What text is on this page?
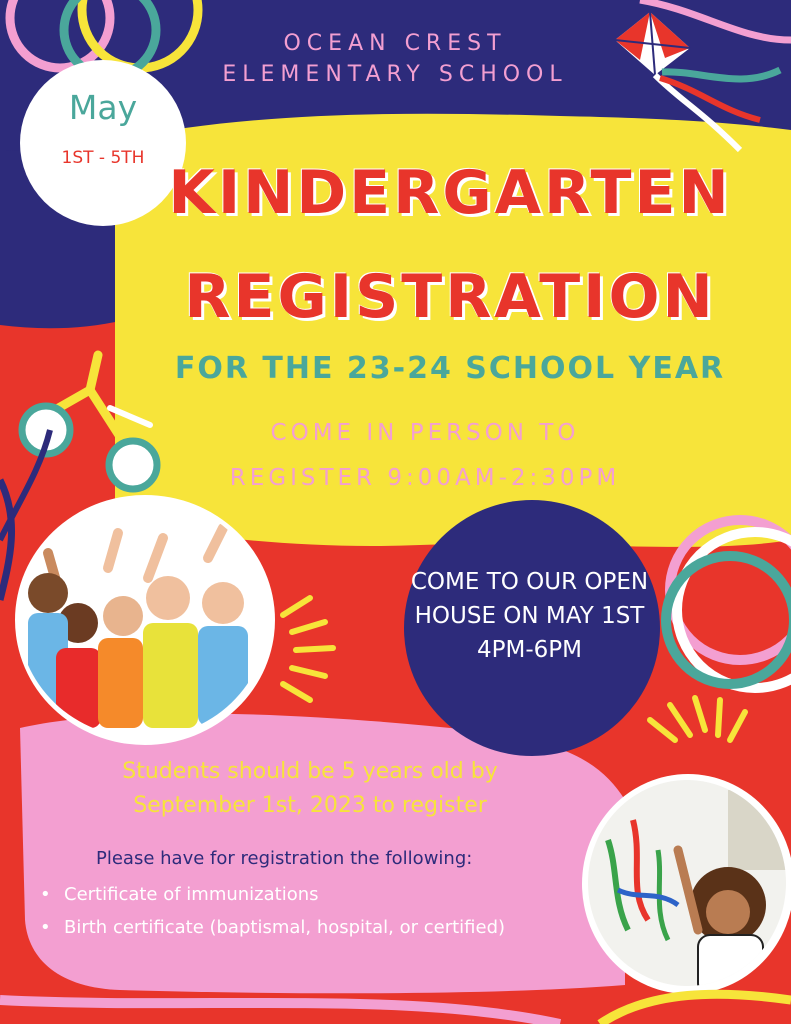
May
1ST - 5TH
OCEAN CREST
ELEMENTARY SCHOOL
KINDERGARTEN
REGISTRATION
FOR THE 23-24 SCHOOL YEAR
COME IN PERSON TO
REGISTER 9:00AM-2:30PM
COME TO OUR OPEN HOUSE ON MAY 1ST 4PM-6PM
Students should be 5 years old by September 1st, 2023 to register
Please have for registration the following:
• Certificate of immunizations
• Birth certificate (baptismal, hospital, or certified)
